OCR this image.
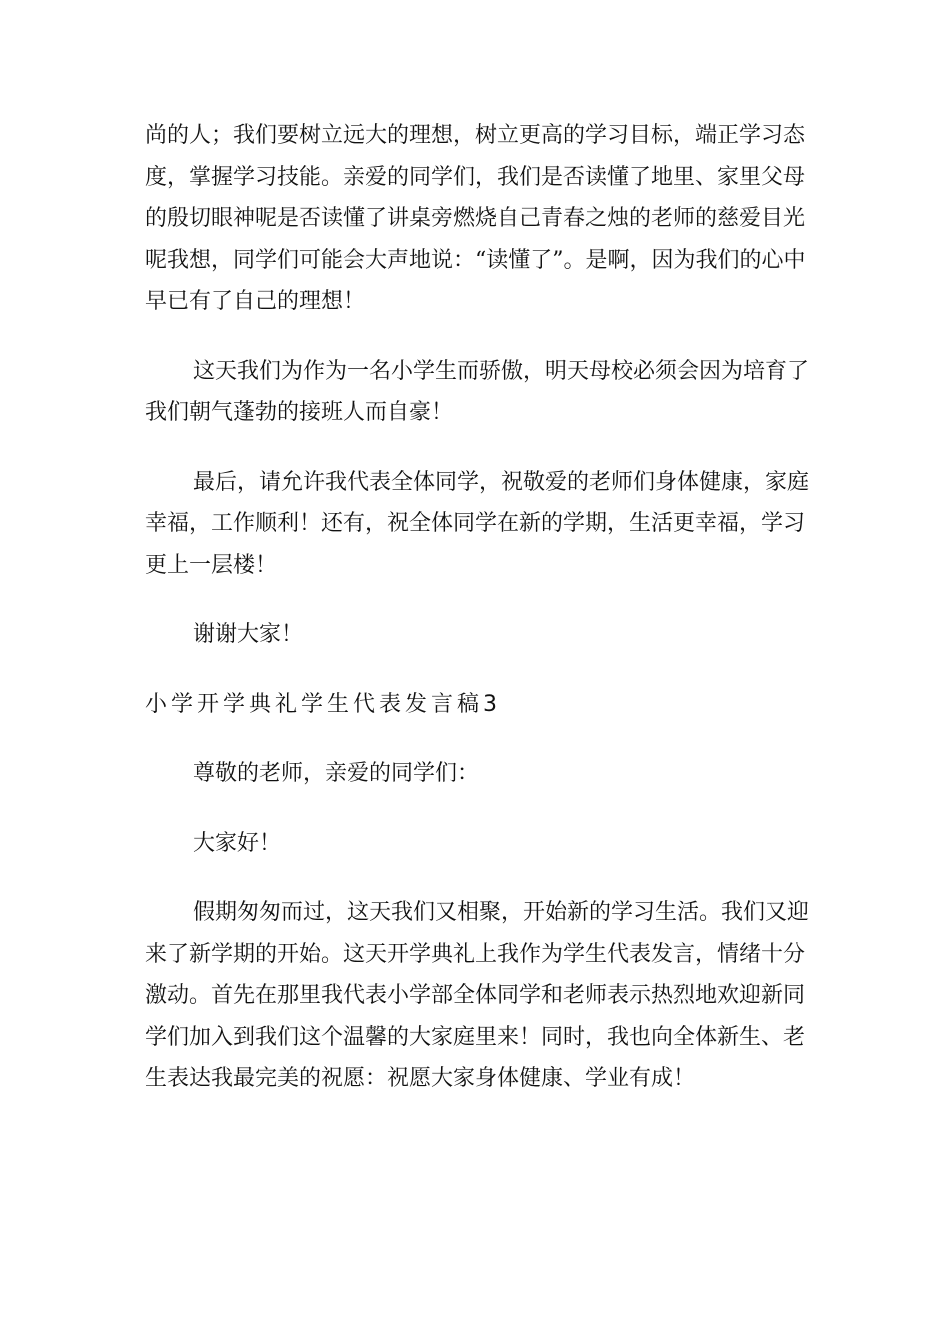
尚的人；我们要树立远大的理想，树立更高的学习目标，端正学习态度，掌握学习技能。亲爱的同学们，我们是否读懂了地里、家里父母的殷切眼神呢是否读懂了讲桌旁燃烧自己青春之烛的老师的慈爱目光呢我想，同学们可能会大声地说：“读懂了”。是啊，因为我们的心中早已有了自己的理想！

这天我们为作为一名小学生而骄傲，明天母校必须会因为培育了我们朝气蓬勃的接班人而自豪！

最后，请允许我代表全体同学，祝敬爱的老师们身体健康，家庭幸福，工作顺利！还有，祝全体同学在新的学期，生活更幸福，学习更上一层楼！

谢谢大家！

小学开学典礼学生代表发言稿3

尊敬的老师，亲爱的同学们：

大家好！

假期匆匆而过，这天我们又相聚，开始新的学习生活。我们又迎来了新学期的开始。这天开学典礼上我作为学生代表发言，情绪十分激动。首先在那里我代表小学部全体同学和老师表示热烈地欢迎新同学们加入到我们这个温馨的大家庭里来！同时，我也向全体新生、老生表达我最完美的祝愿：祝愿大家身体健康、学业有成！
